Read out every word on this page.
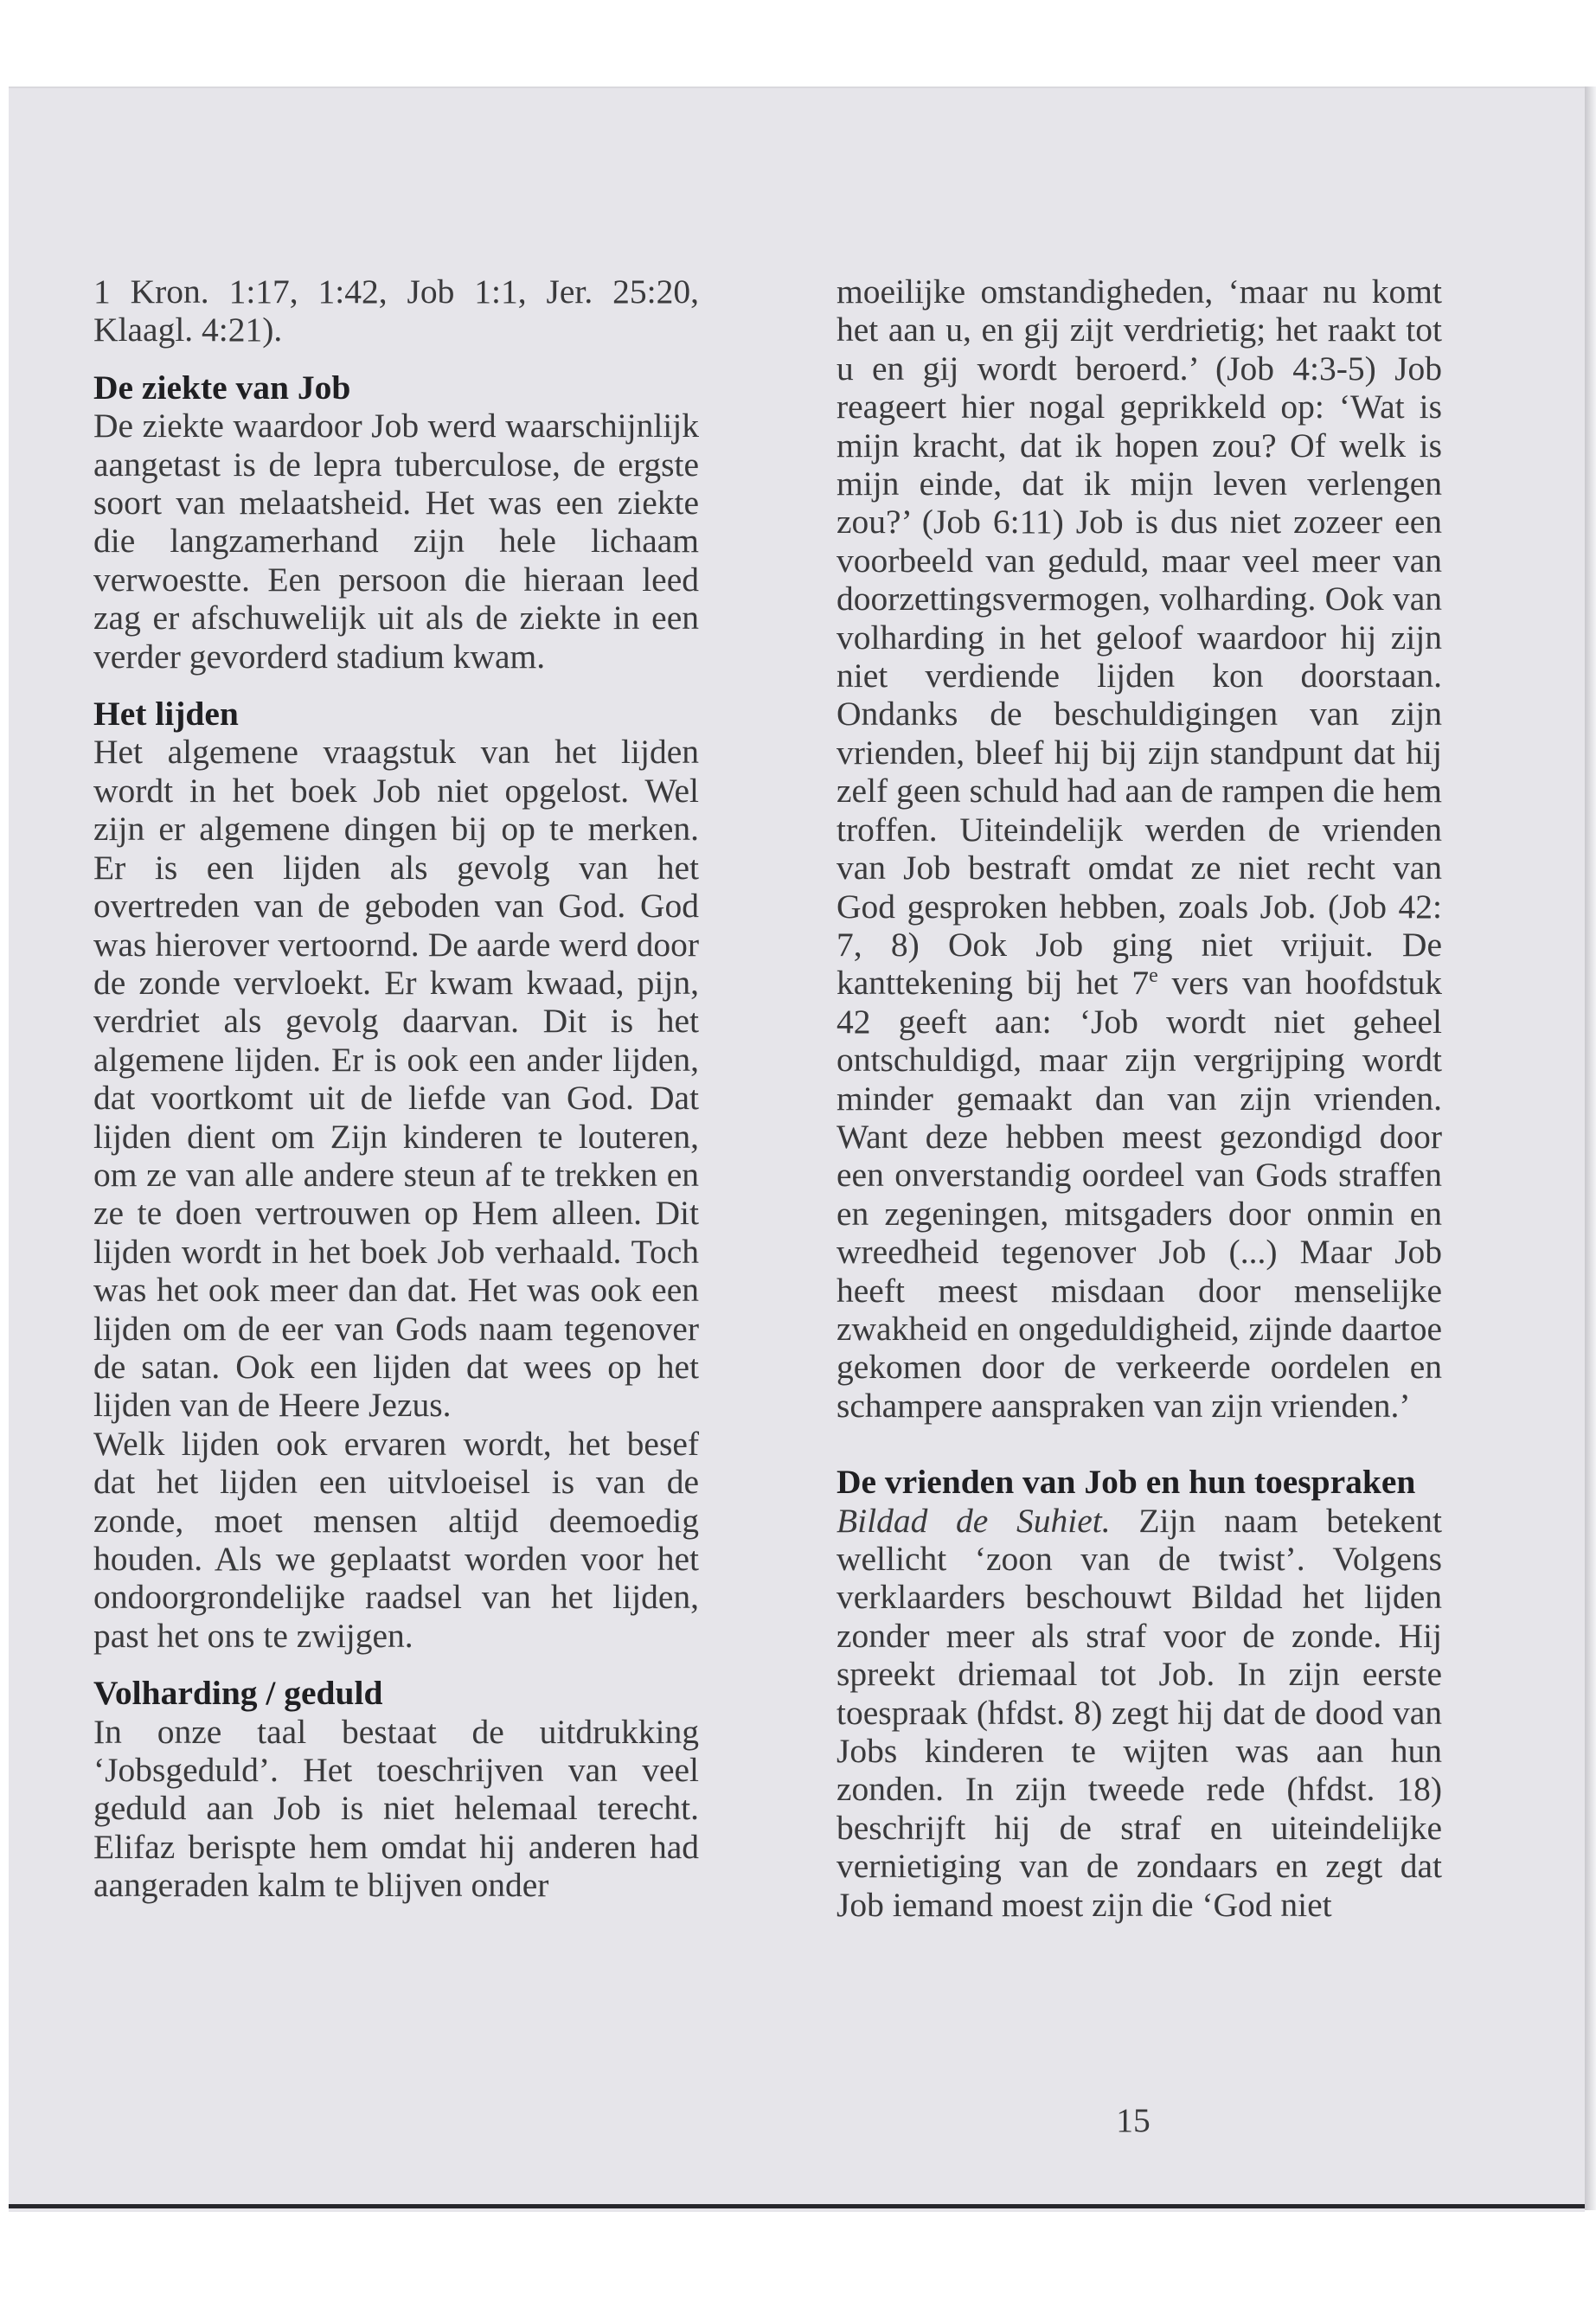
1 Kron. 1:17, 1:42, Job 1:1, Jer. 25:20, Klaagl. 4:21).

De ziekte van Job

De ziekte waardoor Job werd waarschijnlijk aangetast is de lepra tuberculose, de ergste soort van melaatsheid. Het was een ziekte die langzamerhand zijn hele lichaam verwoestte. Een persoon die hieraan leed zag er afschuwelijk uit als de ziekte in een verder gevorderd stadium kwam.

Het lijden

Het algemene vraagstuk van het lijden wordt in het boek Job niet opgelost. Wel zijn er algemene dingen bij op te merken. Er is een lijden als gevolg van het overtreden van de geboden van God. God was hierover vertoornd. De aarde werd door de zonde vervloekt. Er kwam kwaad, pijn, verdriet als gevolg daarvan. Dit is het algemene lijden. Er is ook een ander lijden, dat voortkomt uit de liefde van God. Dat lijden dient om Zijn kinderen te louteren, om ze van alle andere steun af te trekken en ze te doen vertrouwen op Hem alleen. Dit lijden wordt in het boek Job verhaald. Toch was het ook meer dan dat. Het was ook een lijden om de eer van Gods naam tegenover de satan. Ook een lijden dat wees op het lijden van de Heere Jezus.

Welk lijden ook ervaren wordt, het besef dat het lijden een uitvloeisel is van de zonde, moet mensen altijd deemoedig houden. Als we geplaatst worden voor het ondoorgrondelijke raadsel van het lijden, past het ons te zwijgen.

Volharding / geduld

In onze taal bestaat de uitdrukking ‘Jobsgeduld’. Het toeschrijven van veel geduld aan Job is niet helemaal terecht. Elifaz berispte hem omdat hij anderen had aangeraden kalm te blijven onder

moeilijke omstandigheden, ‘maar nu komt het aan u, en gij zijt verdrietig; het raakt tot u en gij wordt beroerd.’ (Job 4:3-5) Job reageert hier nogal geprikkeld op: ‘Wat is mijn kracht, dat ik hopen zou? Of welk is mijn einde, dat ik mijn leven verlengen zou?’ (Job 6:11) Job is dus niet zozeer een voorbeeld van geduld, maar veel meer van doorzettingsvermogen, volharding. Ook van volharding in het geloof waardoor hij zijn niet verdiende lijden kon doorstaan. Ondanks de beschuldigingen van zijn vrienden, bleef hij bij zijn standpunt dat hij zelf geen schuld had aan de rampen die hem troffen. Uiteindelijk werden de vrienden van Job bestraft omdat ze niet recht van God gesproken hebben, zoals Job. (Job 42: 7, 8) Ook Job ging niet vrijuit. De kanttekening bij het 7e vers van hoofdstuk 42 geeft aan: ‘Job wordt niet geheel ontschuldigd, maar zijn vergrijping wordt minder gemaakt dan van zijn vrienden. Want deze hebben meest gezondigd door een onverstandig oordeel van Gods straffen en zegeningen, mitsgaders door onmin en wreedheid tegenover Job (...) Maar Job heeft meest misdaan door menselijke zwakheid en ongeduldigheid, zijnde daartoe gekomen door de verkeerde oordelen en schampere aanspraken van zijn vrienden.’

De vrienden van Job en hun toespraken

Bildad de Suhiet. Zijn naam betekent wellicht ‘zoon van de twist’. Volgens verklaarders beschouwt Bildad het lijden zonder meer als straf voor de zonde. Hij spreekt driemaal tot Job. In zijn eerste toespraak (hfdst. 8) zegt hij dat de dood van Jobs kinderen te wijten was aan hun zonden. In zijn tweede rede (hfdst. 18) beschrijft hij de straf en uiteindelijke vernietiging van de zondaars en zegt dat Job iemand moest zijn die ‘God niet

15
